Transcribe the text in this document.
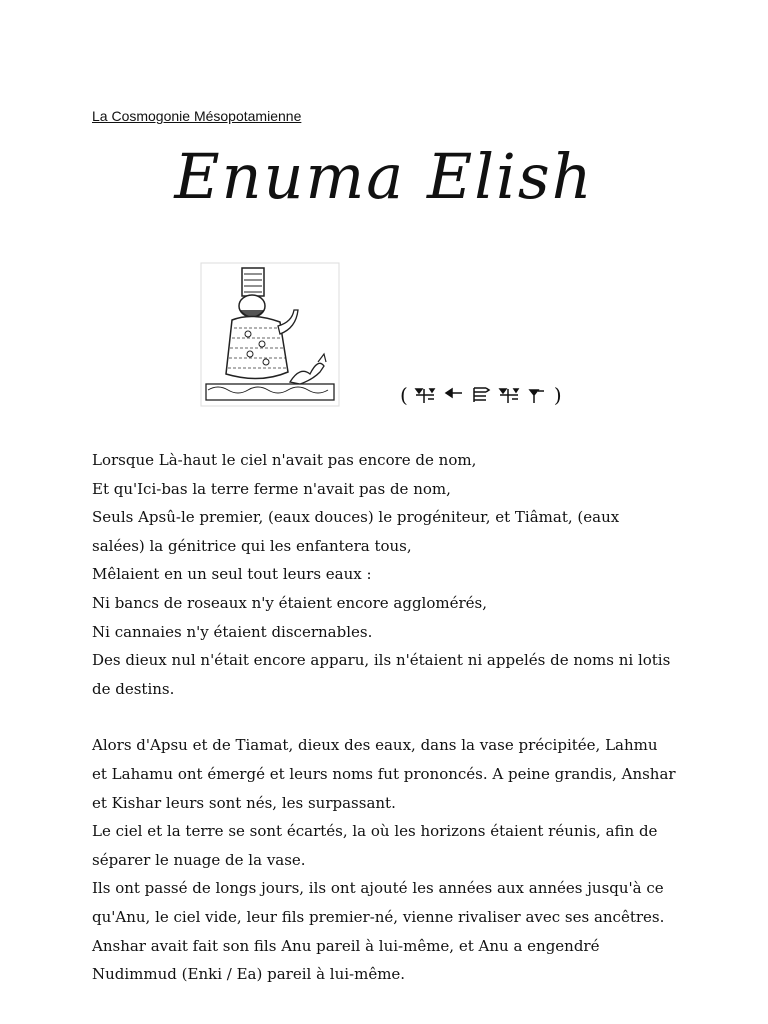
La Cosmogonie Mésopotamienne
Enuma Elish
(	)

Lorsque Là-haut le ciel n'avait pas encore de nom,
Et qu'Ici-bas la terre ferme n'avait pas de nom,
Seuls Apsû-le premier, (eaux douces) le progéniteur, et Tiâmat, (eaux
salées) la génitrice qui les enfantera tous,
Mêlaient en un seul tout leurs eaux :
Ni bancs de roseaux n'y étaient encore agglomérés,
Ni cannaies n'y étaient discernables.
Des dieux nul n'était encore apparu, ils n'étaient ni appelés de noms ni lotis
de destins.

Alors d'Apsu et de Tiamat, dieux des eaux, dans la vase précipitée, Lahmu
et Lahamu ont émergé et leurs noms fut prononcés. A peine grandis, Anshar
et Kishar leurs sont nés, les surpassant.
Le ciel et la terre se sont écartés, la où les horizons étaient réunis, afin de
séparer le nuage de la vase.
Ils ont passé de longs jours, ils ont ajouté les années aux années jusqu'à ce
qu'Anu, le ciel vide, leur fils premier-né, vienne rivaliser avec ses ancêtres.
Anshar avait fait son fils Anu pareil à lui-même, et Anu a engendré
Nudimmud (Enki / Ea) pareil à lui-même.
